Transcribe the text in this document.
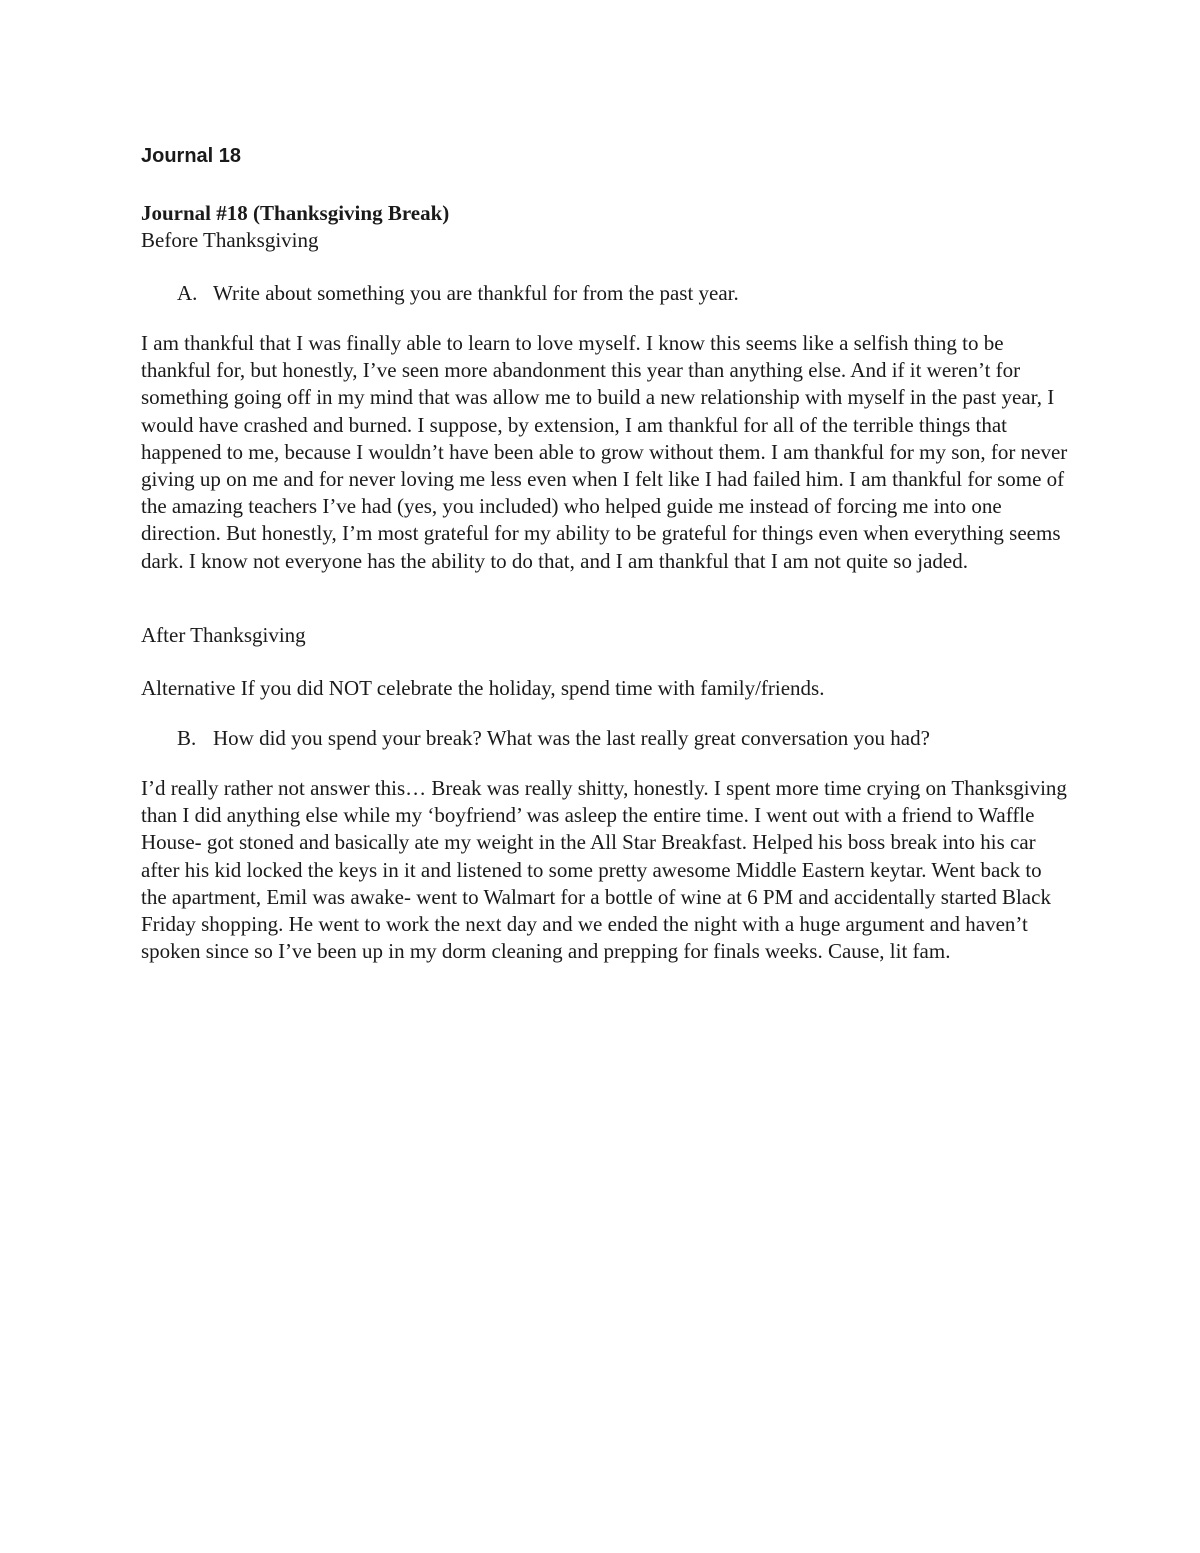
Journal 18

Journal #18 (Thanksgiving Break)

Before Thanksgiving

A. Write about something you are thankful for from the past year.

I am thankful that I was finally able to learn to love myself. I know this seems like a selfish thing to be thankful for, but honestly, I’ve seen more abandonment this year than anything else. And if it weren’t for something going off in my mind that was allow me to build a new relationship with myself in the past year, I would have crashed and burned. I suppose, by extension, I am thankful for all of the terrible things that happened to me, because I wouldn’t have been able to grow without them. I am thankful for my son, for never giving up on me and for never loving me less even when I felt like I had failed him. I am thankful for some of the amazing teachers I’ve had (yes, you included) who helped guide me instead of forcing me into one direction. But honestly, I’m most grateful for my ability to be grateful for things even when everything seems dark. I know not everyone has the ability to do that, and I am thankful that I am not quite so jaded.

After Thanksgiving

Alternative If you did NOT celebrate the holiday, spend time with family/friends.

B. How did you spend your break? What was the last really great conversation you had?

I’d really rather not answer this… Break was really shitty, honestly. I spent more time crying on Thanksgiving than I did anything else while my ‘boyfriend’ was asleep the entire time. I went out with a friend to Waffle House- got stoned and basically ate my weight in the All Star Breakfast. Helped his boss break into his car after his kid locked the keys in it and listened to some pretty awesome Middle Eastern keytar. Went back to the apartment, Emil was awake- went to Walmart for a bottle of wine at 6 PM and accidentally started Black Friday shopping. He went to work the next day and we ended the night with a huge argument and haven’t spoken since so I’ve been up in my dorm cleaning and prepping for finals weeks. Cause, lit fam.
